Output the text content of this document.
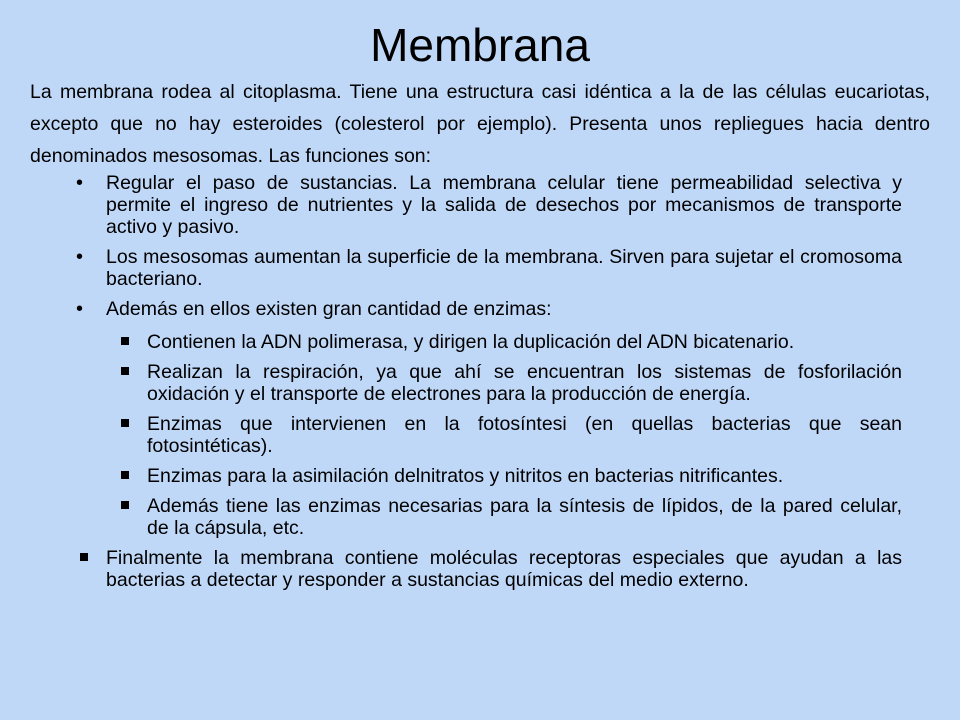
Membrana

La membrana rodea al citoplasma. Tiene una estructura casi idéntica a la de las células eucariotas, excepto que no hay esteroides (colesterol por ejemplo). Presenta unos repliegues hacia dentro denominados mesosomas. Las funciones son:

• Regular el paso de sustancias. La membrana celular tiene permeabilidad selectiva y permite el ingreso de nutrientes y la salida de desechos por mecanismos de transporte activo y pasivo.
• Los mesosomas aumentan la superficie de la membrana. Sirven para sujetar el cromosoma bacteriano.
• Además en ellos existen gran cantidad de enzimas:
Contienen la ADN polimerasa, y dirigen la duplicación del ADN bicatenario.
Realizan la respiración, ya que ahí se encuentran los sistemas de fosforilación oxidación y el transporte de electrones para la producción de energía.
Enzimas que intervienen en la fotosíntesi (en quellas bacterias que sean fotosintéticas).
Enzimas para la asimilación delnitratos y nitritos en bacterias nitrificantes.
Además tiene las enzimas necesarias para la síntesis de lípidos, de la pared celular, de la cápsula, etc.
Finalmente la membrana contiene moléculas receptoras especiales que ayudan a las bacterias a detectar y responder a sustancias químicas del medio externo.
